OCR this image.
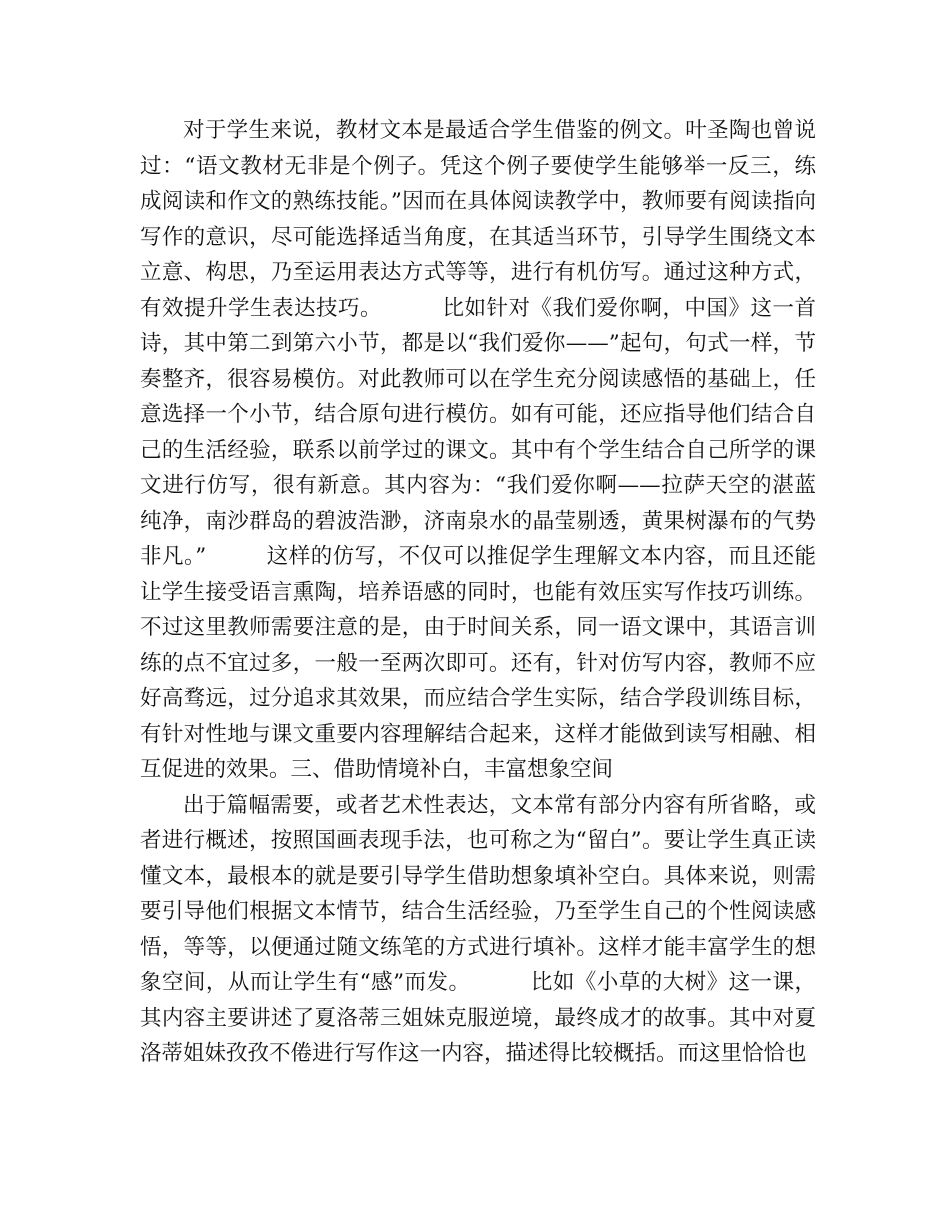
对于学生来说，教材文本是最适合学生借鉴的例文。叶圣陶也曾说过：“语文教材无非是个例子。凭这个例子要使学生能够举一反三，练成阅读和作文的熟练技能。”因而在具体阅读教学中，教师要有阅读指向写作的意识，尽可能选择适当角度，在其适当环节，引导学生围绕文本立意、构思，乃至运用表达方式等等，进行有机仿写。通过这种方式，有效提升学生表达技巧。	比如针对《我们爱你啊，中国》这一首诗，其中第二到第六小节，都是以“我们爱你——”起句，句式一样，节奏整齐，很容易模仿。对此教师可以在学生充分阅读感悟的基础上，任意选择一个小节，结合原句进行模仿。如有可能，还应指导他们结合自己的生活经验，联系以前学过的课文。其中有个学生结合自己所学的课文进行仿写，很有新意。其内容为：“我们爱你啊——拉萨天空的湛蓝纯净，南沙群岛的碧波浩渺，济南泉水的晶莹剔透，黄果树瀑布的气势非凡。”	这样的仿写，不仅可以推促学生理解文本内容，而且还能让学生接受语言熏陶，培养语感的同时，也能有效压实写作技巧训练。不过这里教师需要注意的是，由于时间关系，同一语文课中，其语言训练的点不宜过多，一般一至两次即可。还有，针对仿写内容，教师不应好高骛远，过分追求其效果，而应结合学生实际，结合学段训练目标，有针对性地与课文重要内容理解结合起来，这样才能做到读写相融、相互促进的效果。三、借助情境补白，丰富想象空间

出于篇幅需要，或者艺术性表达，文本常有部分内容有所省略，或者进行概述，按照国画表现手法，也可称之为“留白”。要让学生真正读懂文本，最根本的就是要引导学生借助想象填补空白。具体来说，则需要引导他们根据文本情节，结合生活经验，乃至学生自己的个性阅读感悟，等等，以便通过随文练笔的方式进行填补。这样才能丰富学生的想象空间，从而让学生有“感”而发。	比如《小草的大树》这一课，其内容主要讲述了夏洛蒂三姐妹克服逆境，最终成才的故事。其中对夏洛蒂姐妹孜孜不倦进行写作这一内容，描述得比较概括。而这里恰恰也
